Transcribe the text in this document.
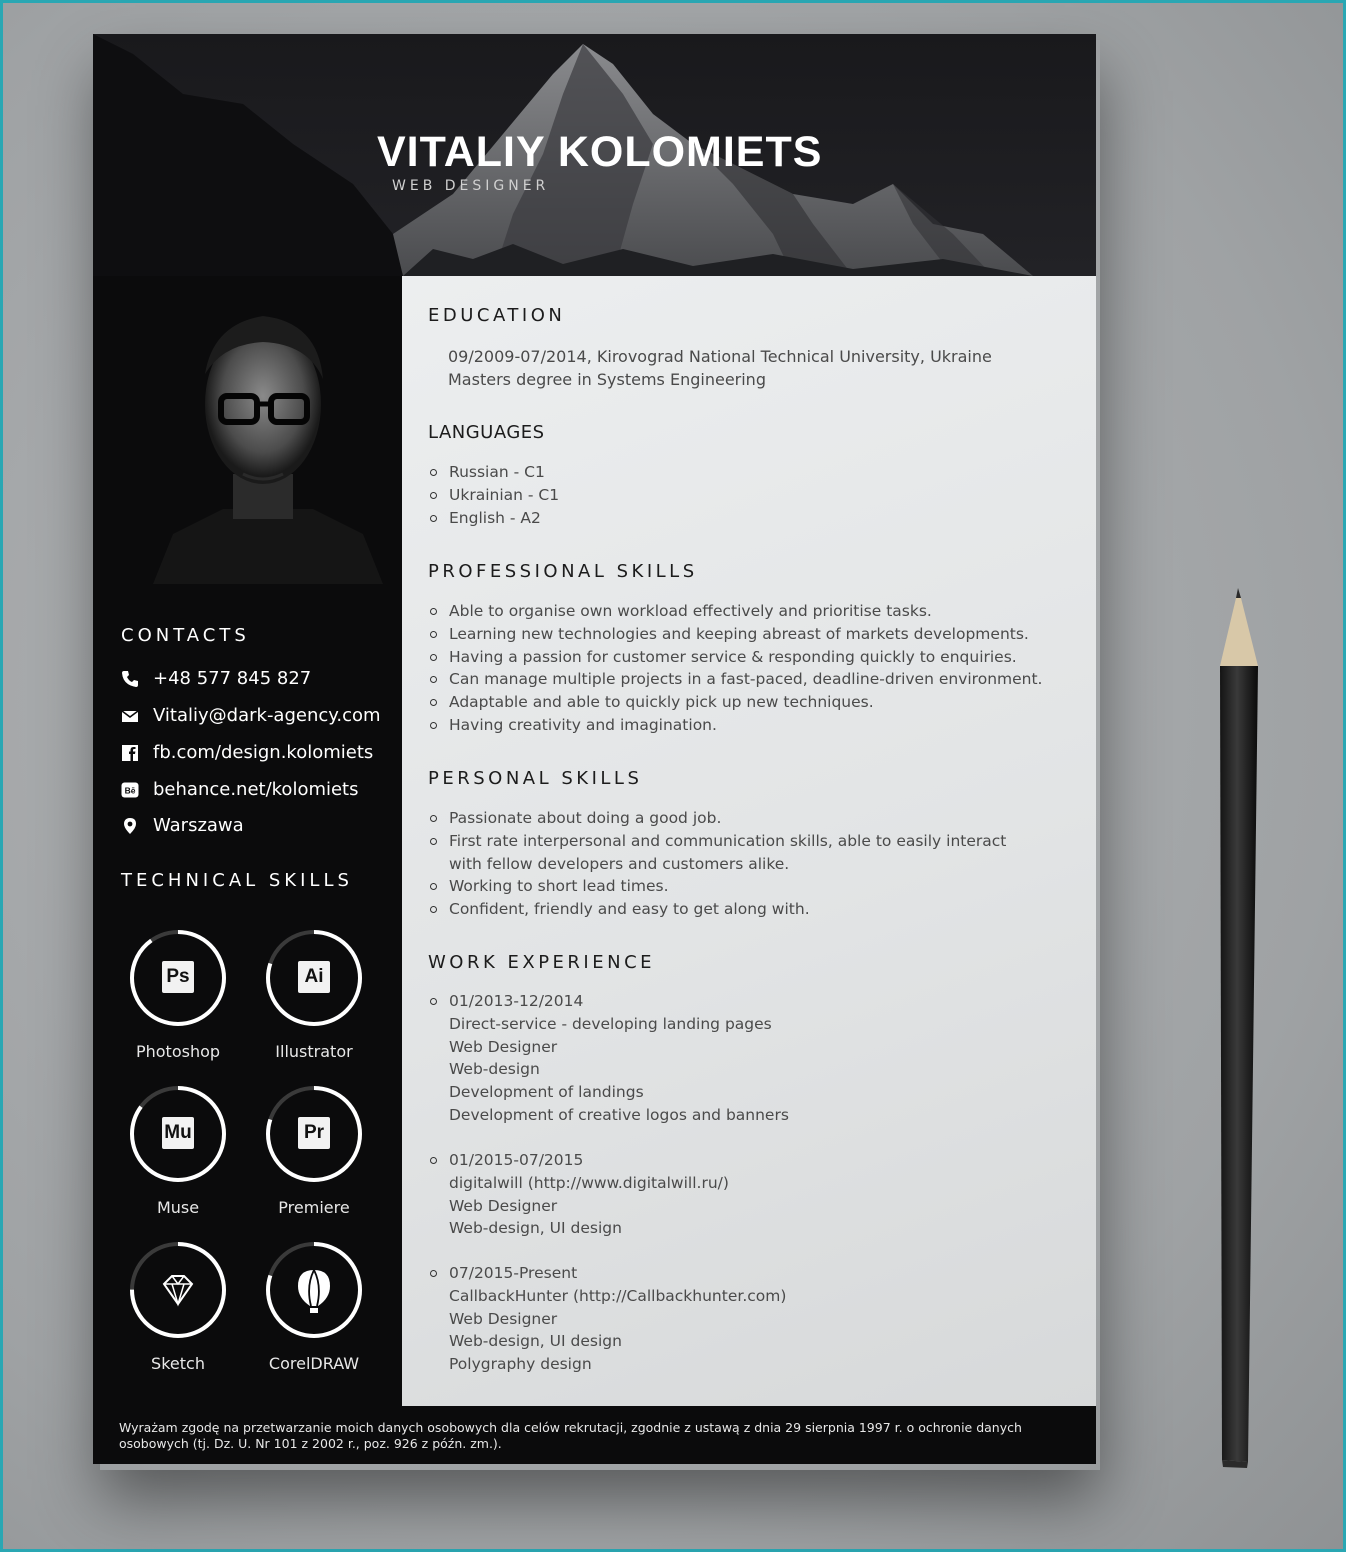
VITALIY KOLOMIETS
WEB DESIGNER
CONTACTS
+48 577 845 827
Vitaliy@dark-agency.com
fb.com/design.kolomiets
Bē behance.net/kolomiets
Warszawa
TECHNICAL SKILLS
Ps
Photoshop
Ai
Illustrator
Mu
Muse
Pr
Premiere
Sketch	CorelDRAW
EDUCATION
09/2009-07/2014, Kirovograd National Technical University, Ukraine
Masters degree in Systems Engineering
LANGUAGES
Russian - C1
Ukrainian - C1
English - A2
PROFESSIONAL SKILLS
Able to organise own workload effectively and prioritise tasks.
Learning new technologies and keeping abreast of markets developments.
Having a passion for customer service & responding quickly to enquiries.
Can manage multiple projects in a fast-paced, deadline-driven environment.
Adaptable and able to quickly pick up new techniques.
Having creativity and imagination.
PERSONAL SKILLS
Passionate about doing a good job.
First rate interpersonal and communication skills, able to easily interact
with fellow developers and customers alike.
Working to short lead times.
Confident, friendly and easy to get along with.
WORK EXPERIENCE
01/2013-12/2014
Direct-service - developing landing pages
Web Designer
Web-design
Development of landings
Development of creative logos and banners
01/2015-07/2015
digitalwill (http://www.digitalwill.ru/)
Web Designer
Web-design, UI design
07/2015-Present
CallbackHunter (http://Callbackhunter.com)
Web Designer
Web-design, UI design
Polygraphy design
Wyrażam zgodę na przetwarzanie moich danych osobowych dla celów rekrutacji, zgodnie z ustawą z dnia 29 sierpnia 1997 r. o ochronie danych
osobowych (tj. Dz. U. Nr 101 z 2002 r., poz. 926 z późn. zm.).
